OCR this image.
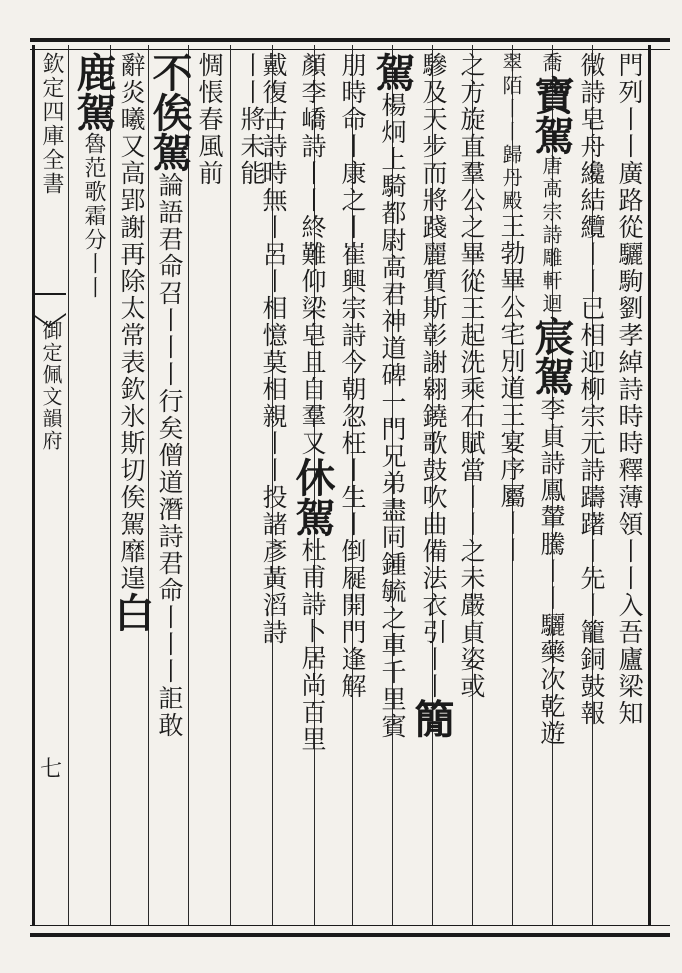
欽定四庫全書
御定佩文韻府
七
門列丨丨廣路從驪駒劉孝綽詩時時釋薄領丨丨入吾廬梁知
微詩皂舟纔結纜丨丨已相迎柳宗元詩躊躇丨先丨籠銅鼓報
喬寶駕唐高宗詩雕軒迴宸駕李貞詩鳳輦騰丨丨驪藥次乾遊
翠陌丨丨歸丹殿王勃畢公宅別道王宴序屬丨丨
之方旋直羣公之畢從王起洗乘石賦當丨丨之未嚴貞姿或
驂及天步而將踐麗質斯彰謝翱鐃歌鼓吹曲備法衣引丨丨𥳑
駕楊炯上騎都尉高君神道碑一門兄弟盡同鍾毓之車千里賓
朋時命丨康之丨崔興宗詩今朝忽枉丨生丨倒屣開門逢解
顏李嶠詩丨丨終難仰梁皂且自羣又休駕杜甫詩卜居尚百里
戴復古詩時無丨呂丨相憶莫相親丨丨投諸彥黃滔詩
丨丨將未能
惆悵春風前
不俟駕論語君命召丨丨丨行矣僧道潛詩君命丨丨丨詎敢
辭炎曦又高郢謝再除太常表欽氷斯切俟駕靡遑白
鹿駕魯范歌霜分丨丨
